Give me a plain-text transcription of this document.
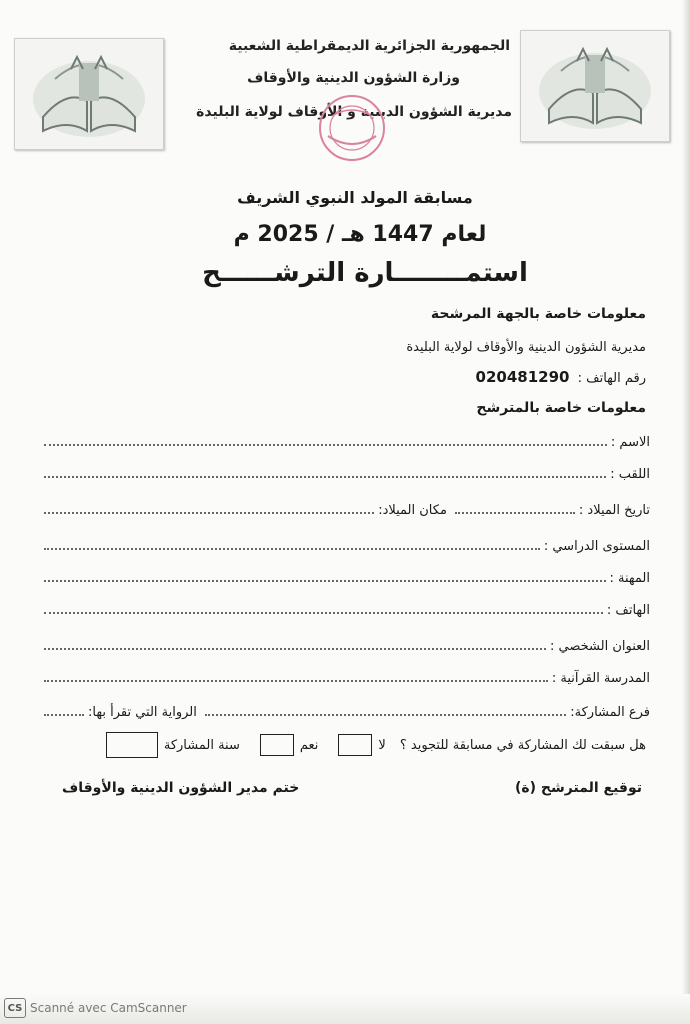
الجمهورية الجزائرية الديمقراطية الشعبية
وزارة الشؤون الدينية والأوقاف
مديرية الشؤون الدينية و الأوقاف لولاية البليدة
مسابقة المولد النبوي الشريف
لعام 1447 هـ / 2025 م
استمــــــــارة الترشــــــح
معلومات خاصة بالجهة المرشحة
مديرية الشؤون الدينية والأوقاف لولاية البليدة
رقم الهاتف : 020481290
معلومات خاصة بالمترشح
الاسم :
اللقب :
تاريخ الميلاد :
مكان الميلاد:
المستوى الدراسي :
المهنة :
الهاتف :
العنوان الشخصي :
المدرسة القرآنية :
فرع المشاركة:
الرواية التي تقرأ بها:
هل سبقت لك المشاركة في مسابقة للتجويد ؟
لا
نعم
سنة المشاركة
توقيع المترشح (ة)
ختم مدير الشؤون الدينية والأوقاف
CS Scanné avec CamScanner
